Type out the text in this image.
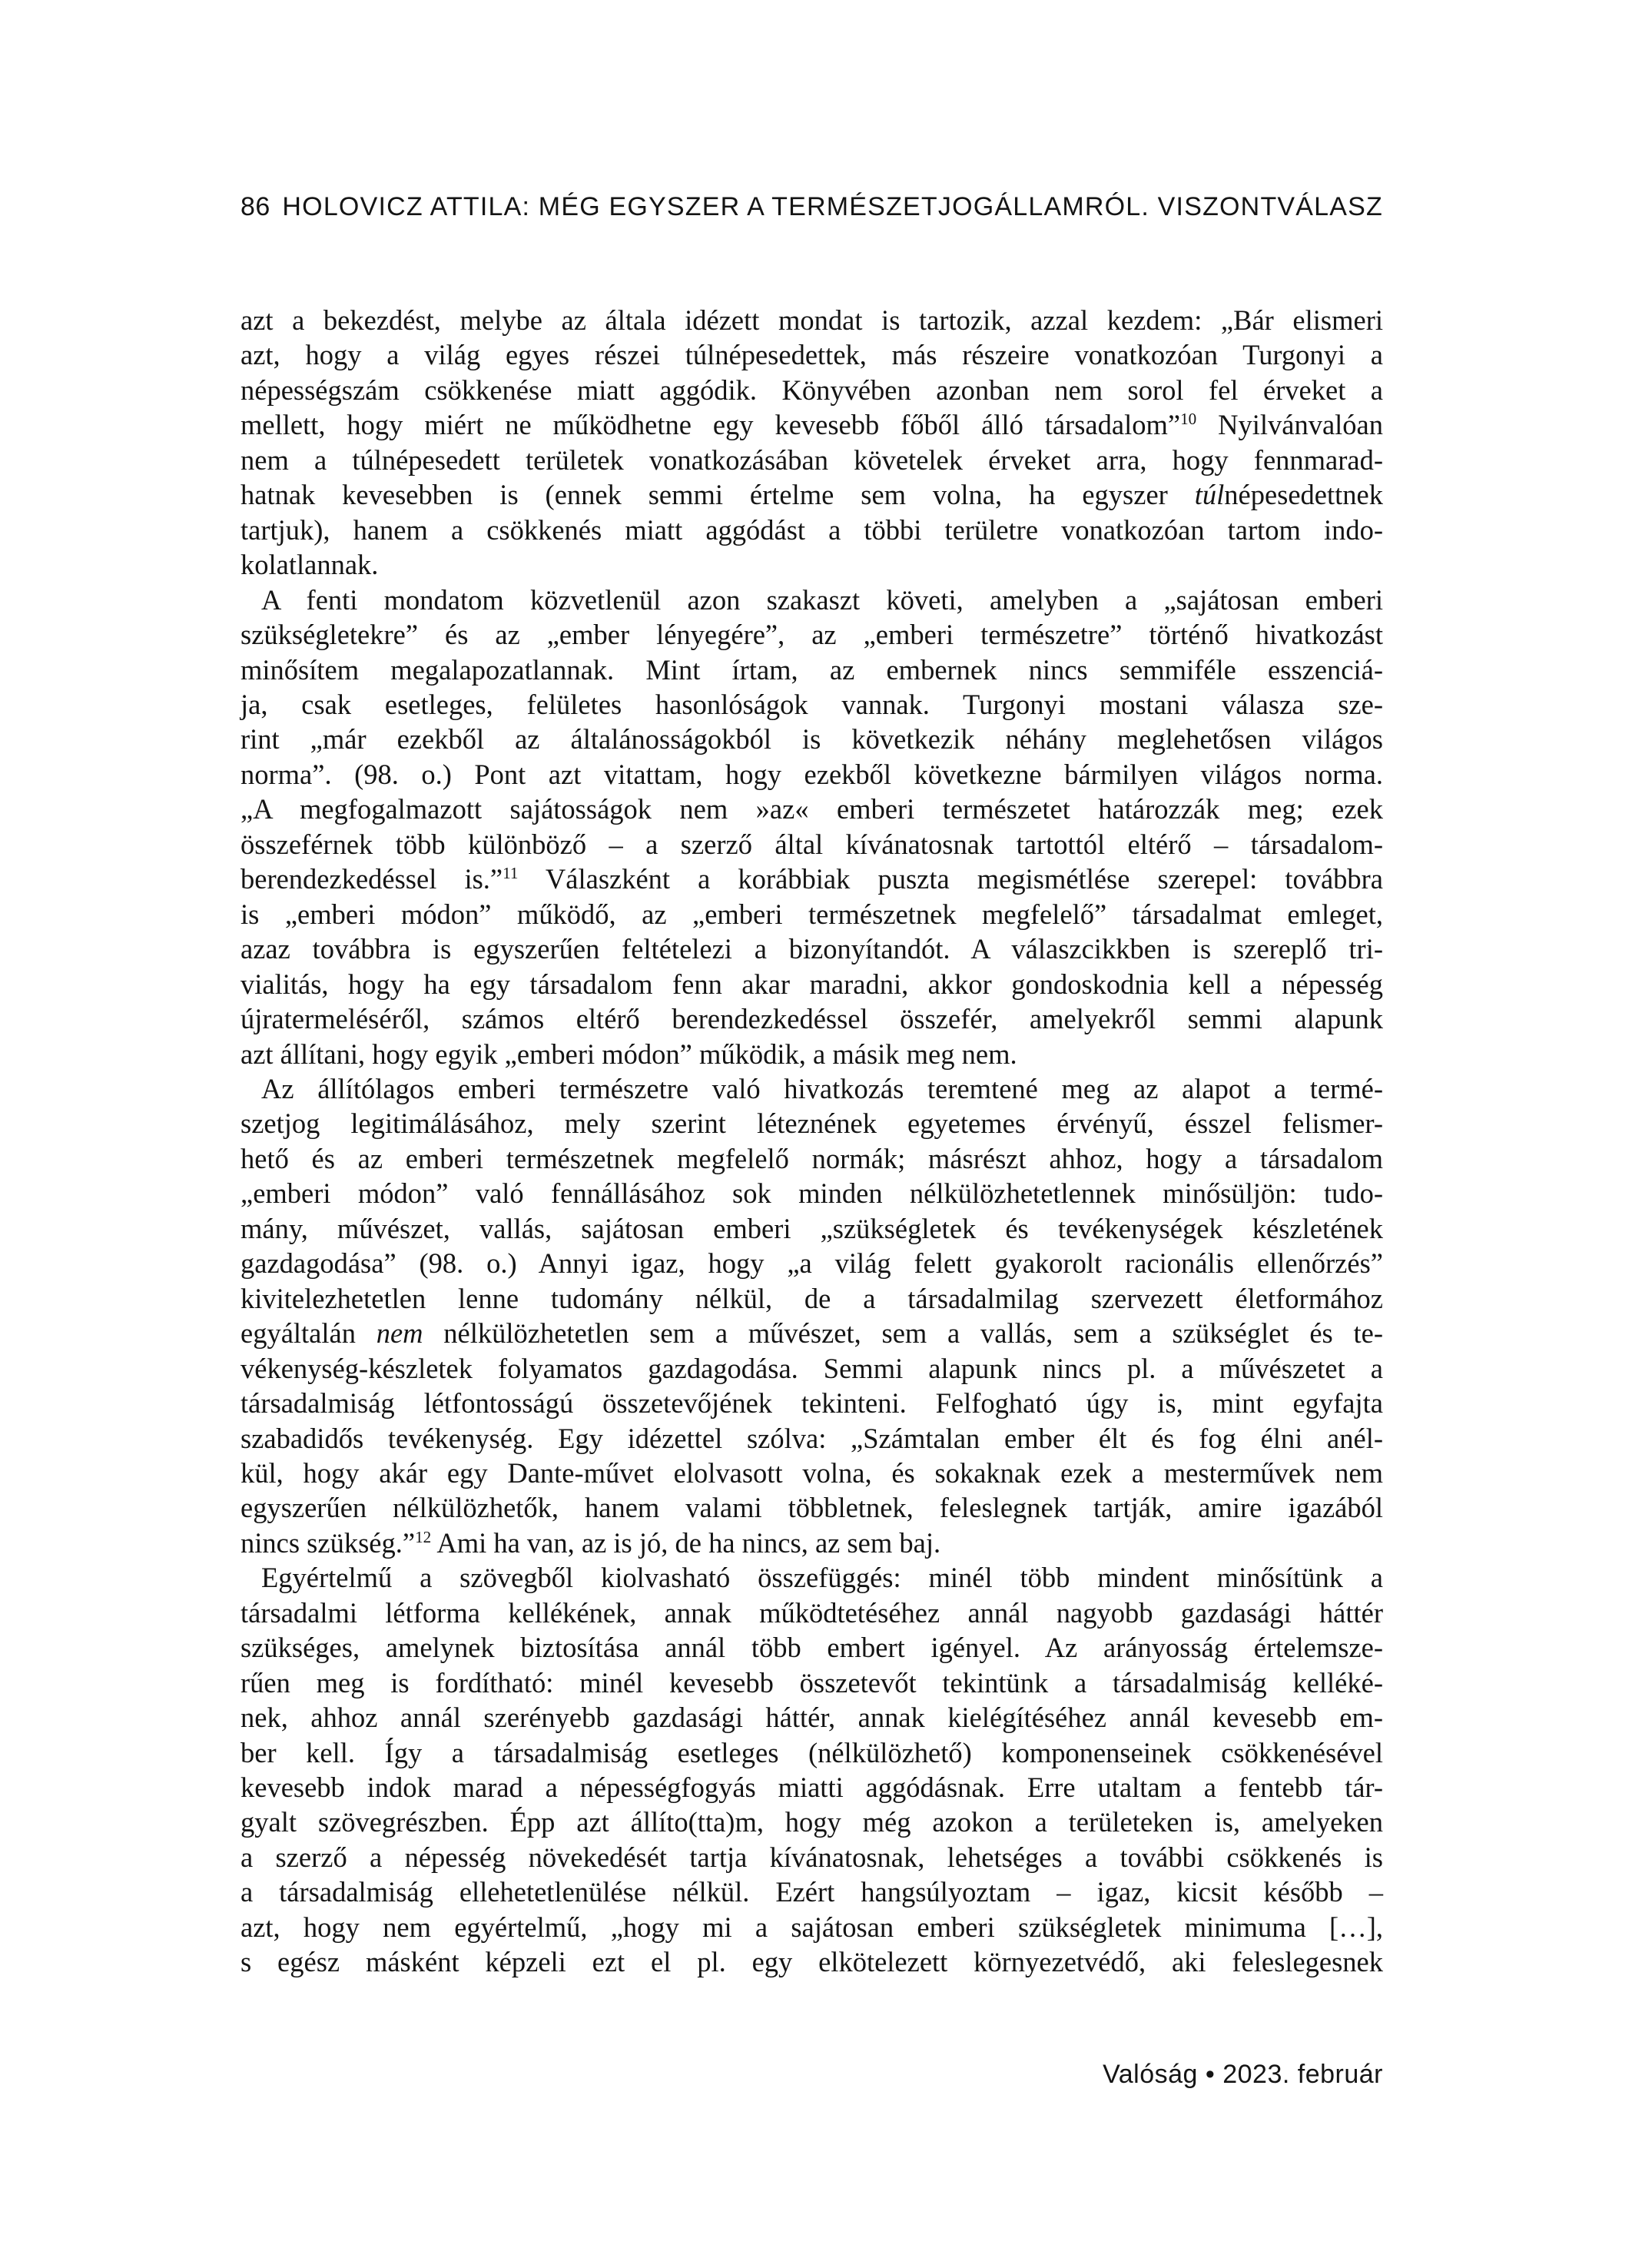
86 HOLOVICZ ATTILA: MÉG EGYSZER A TERMÉSZETJOGÁLLAMRÓL. VISZONTVÁLASZ
azt a bekezdést, melybe az általa idézett mondat is tartozik, azzal kezdem: „Bár elismeri
azt, hogy a világ egyes részei túlnépesedettek, más részeire vonatkozóan Turgonyi a
népességszám csökkenése miatt aggódik. Könyvében azonban nem sorol fel érveket a
mellett, hogy miért ne működhetne egy kevesebb főből álló társadalom”$^{10}$ Nyilvánvalóan
nem a túlnépesedett területek vonatkozásában követelek érveket arra, hogy fennmarad-
hatnak kevesebben is (ennek semmi értelme sem volna, ha egyszer túlnépesedettnek
tartjuk), hanem a csökkenés miatt aggódást a többi területre vonatkozóan tartom indo-
kolatlannak.
A fenti mondatom közvetlenül azon szakaszt követi, amelyben a „sajátosan emberi
szükségletekre” és az „ember lényegére”, az „emberi természetre” történő hivatkozást
minősítem megalapozatlannak. Mint írtam, az embernek nincs semmiféle esszenciá-
ja, csak esetleges, felületes hasonlóságok vannak. Turgonyi mostani válasza sze-
rint „már ezekből az általánosságokból is következik néhány meglehetősen világos
norma”. (98. o.) Pont azt vitattam, hogy ezekből következne bármilyen világos norma.
„A megfogalmazott sajátosságok nem »az« emberi természetet határozzák meg; ezek
összeférnek több különböző – a szerző által kívánatosnak tartottól eltérő – társadalom-
berendezkedéssel is.”$^{11}$ Válaszként a korábbiak puszta megismétlése szerepel: továbbra
is „emberi módon” működő, az „emberi természetnek megfelelő” társadalmat emleget,
azaz továbbra is egyszerűen feltételezi a bizonyítandót. A válaszcikkben is szereplő tri-
vialitás, hogy ha egy társadalom fenn akar maradni, akkor gondoskodnia kell a népesség
újratermeléséről, számos eltérő berendezkedéssel összefér, amelyekről semmi alapunk
azt állítani, hogy egyik „emberi módon” működik, a másik meg nem.
Az állítólagos emberi természetre való hivatkozás teremtené meg az alapot a termé-
szetjog legitimálásához, mely szerint léteznének egyetemes érvényű, ésszel felismer-
hető és az emberi természetnek megfelelő normák; másrészt ahhoz, hogy a társadalom
„emberi módon” való fennállásához sok minden nélkülözhetetlennek minősüljön: tudo-
mány, művészet, vallás, sajátosan emberi „szükségletek és tevékenységek készletének
gazdagodása” (98. o.) Annyi igaz, hogy „a világ felett gyakorolt racionális ellenőrzés”
kivitelezhetetlen lenne tudomány nélkül, de a társadalmilag szervezett életformához
egyáltalán nem nélkülözhetetlen sem a művészet, sem a vallás, sem a szükséglet és te-
vékenység-készletek folyamatos gazdagodása. Semmi alapunk nincs pl. a művészetet a
társadalmiság létfontosságú összetevőjének tekinteni. Felfogható úgy is, mint egyfajta
szabadidős tevékenység. Egy idézettel szólva: „Számtalan ember élt és fog élni anél-
kül, hogy akár egy Dante-művet elolvasott volna, és sokaknak ezek a mesterművek nem
egyszerűen nélkülözhetők, hanem valami többletnek, feleslegnek tartják, amire igazából
nincs szükség.”$^{12}$ Ami ha van, az is jó, de ha nincs, az sem baj.
Egyértelmű a szövegből kiolvasható összefüggés: minél több mindent minősítünk a
társadalmi létforma kellékének, annak működtetéséhez annál nagyobb gazdasági háttér
szükséges, amelynek biztosítása annál több embert igényel. Az arányosság értelemsze-
rűen meg is fordítható: minél kevesebb összetevőt tekintünk a társadalmiság kelléké-
nek, ahhoz annál szerényebb gazdasági háttér, annak kielégítéséhez annál kevesebb em-
ber kell. Így a társadalmiság esetleges (nélkülözhető) komponenseinek csökkenésével
kevesebb indok marad a népességfogyás miatti aggódásnak. Erre utaltam a fentebb tár-
gyalt szövegrészben. Épp azt állíto(tta)m, hogy még azokon a területeken is, amelyeken
a szerző a népesség növekedését tartja kívánatosnak, lehetséges a további csökkenés is
a társadalmiság ellehetetlenülése nélkül. Ezért hangsúlyoztam – igaz, kicsit később –
azt, hogy nem egyértelmű, „hogy mi a sajátosan emberi szükségletek minimuma […],
s egész másként képzeli ezt el pl. egy elkötelezett környezetvédő, aki feleslegesnek
Valóság • 2023. február
